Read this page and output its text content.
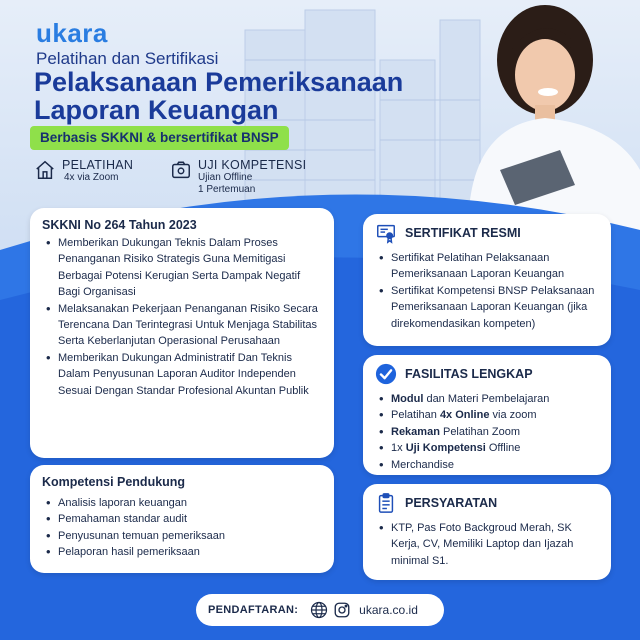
ukara
Pelatihan dan Sertifikasi
Pelaksanaan Pemeriksanaan
Laporan Keuangan
Berbasis SKKNI & bersertifikat BNSP
PELATIHAN
4x via Zoom
UJI KOMPETENSI
Ujian Offline
1 Pertemuan
SKKNI No 264 Tahun 2023
• Memberikan Dukungan Teknis Dalam Proses Penanganan Risiko Strategis Guna Memitigasi Berbagai Potensi Kerugian Serta Dampak Negatif Bagi Organisasi
• Melaksanakan Pekerjaan Penanganan Risiko Secara Terencana Dan Terintegrasi Untuk Menjaga Stabilitas Serta Keberlanjutan Operasional Perusahaan
• Memberikan Dukungan Administratif Dan Teknis Dalam Penyusunan Laporan Auditor Independen Sesuai Dengan Standar Profesional Akuntan Publik
Kompetensi Pendukung
• Analisis laporan keuangan
• Pemahaman standar audit
• Penyusunan temuan pemeriksaan
• Pelaporan hasil pemeriksaan
SERTIFIKAT RESMI
• Sertifikat Pelatihan Pelaksanaan Pemeriksanaan Laporan Keuangan
• Sertifikat Kompetensi BNSP Pelaksanaan Pemeriksanaan Laporan Keuangan (jika direkomendasikan kompeten)
FASILITAS LENGKAP
• Modul dan Materi Pembelajaran
• Pelatihan 4x Online via zoom
• Rekaman Pelatihan Zoom
• 1x Uji Kompetensi Offline
• Merchandise
PERSYARATAN
• KTP, Pas Foto Backgroud Merah, SK Kerja, CV, Memiliki Laptop dan Ijazah minimal S1.
PENDAFTARAN:	ukara.co.id
